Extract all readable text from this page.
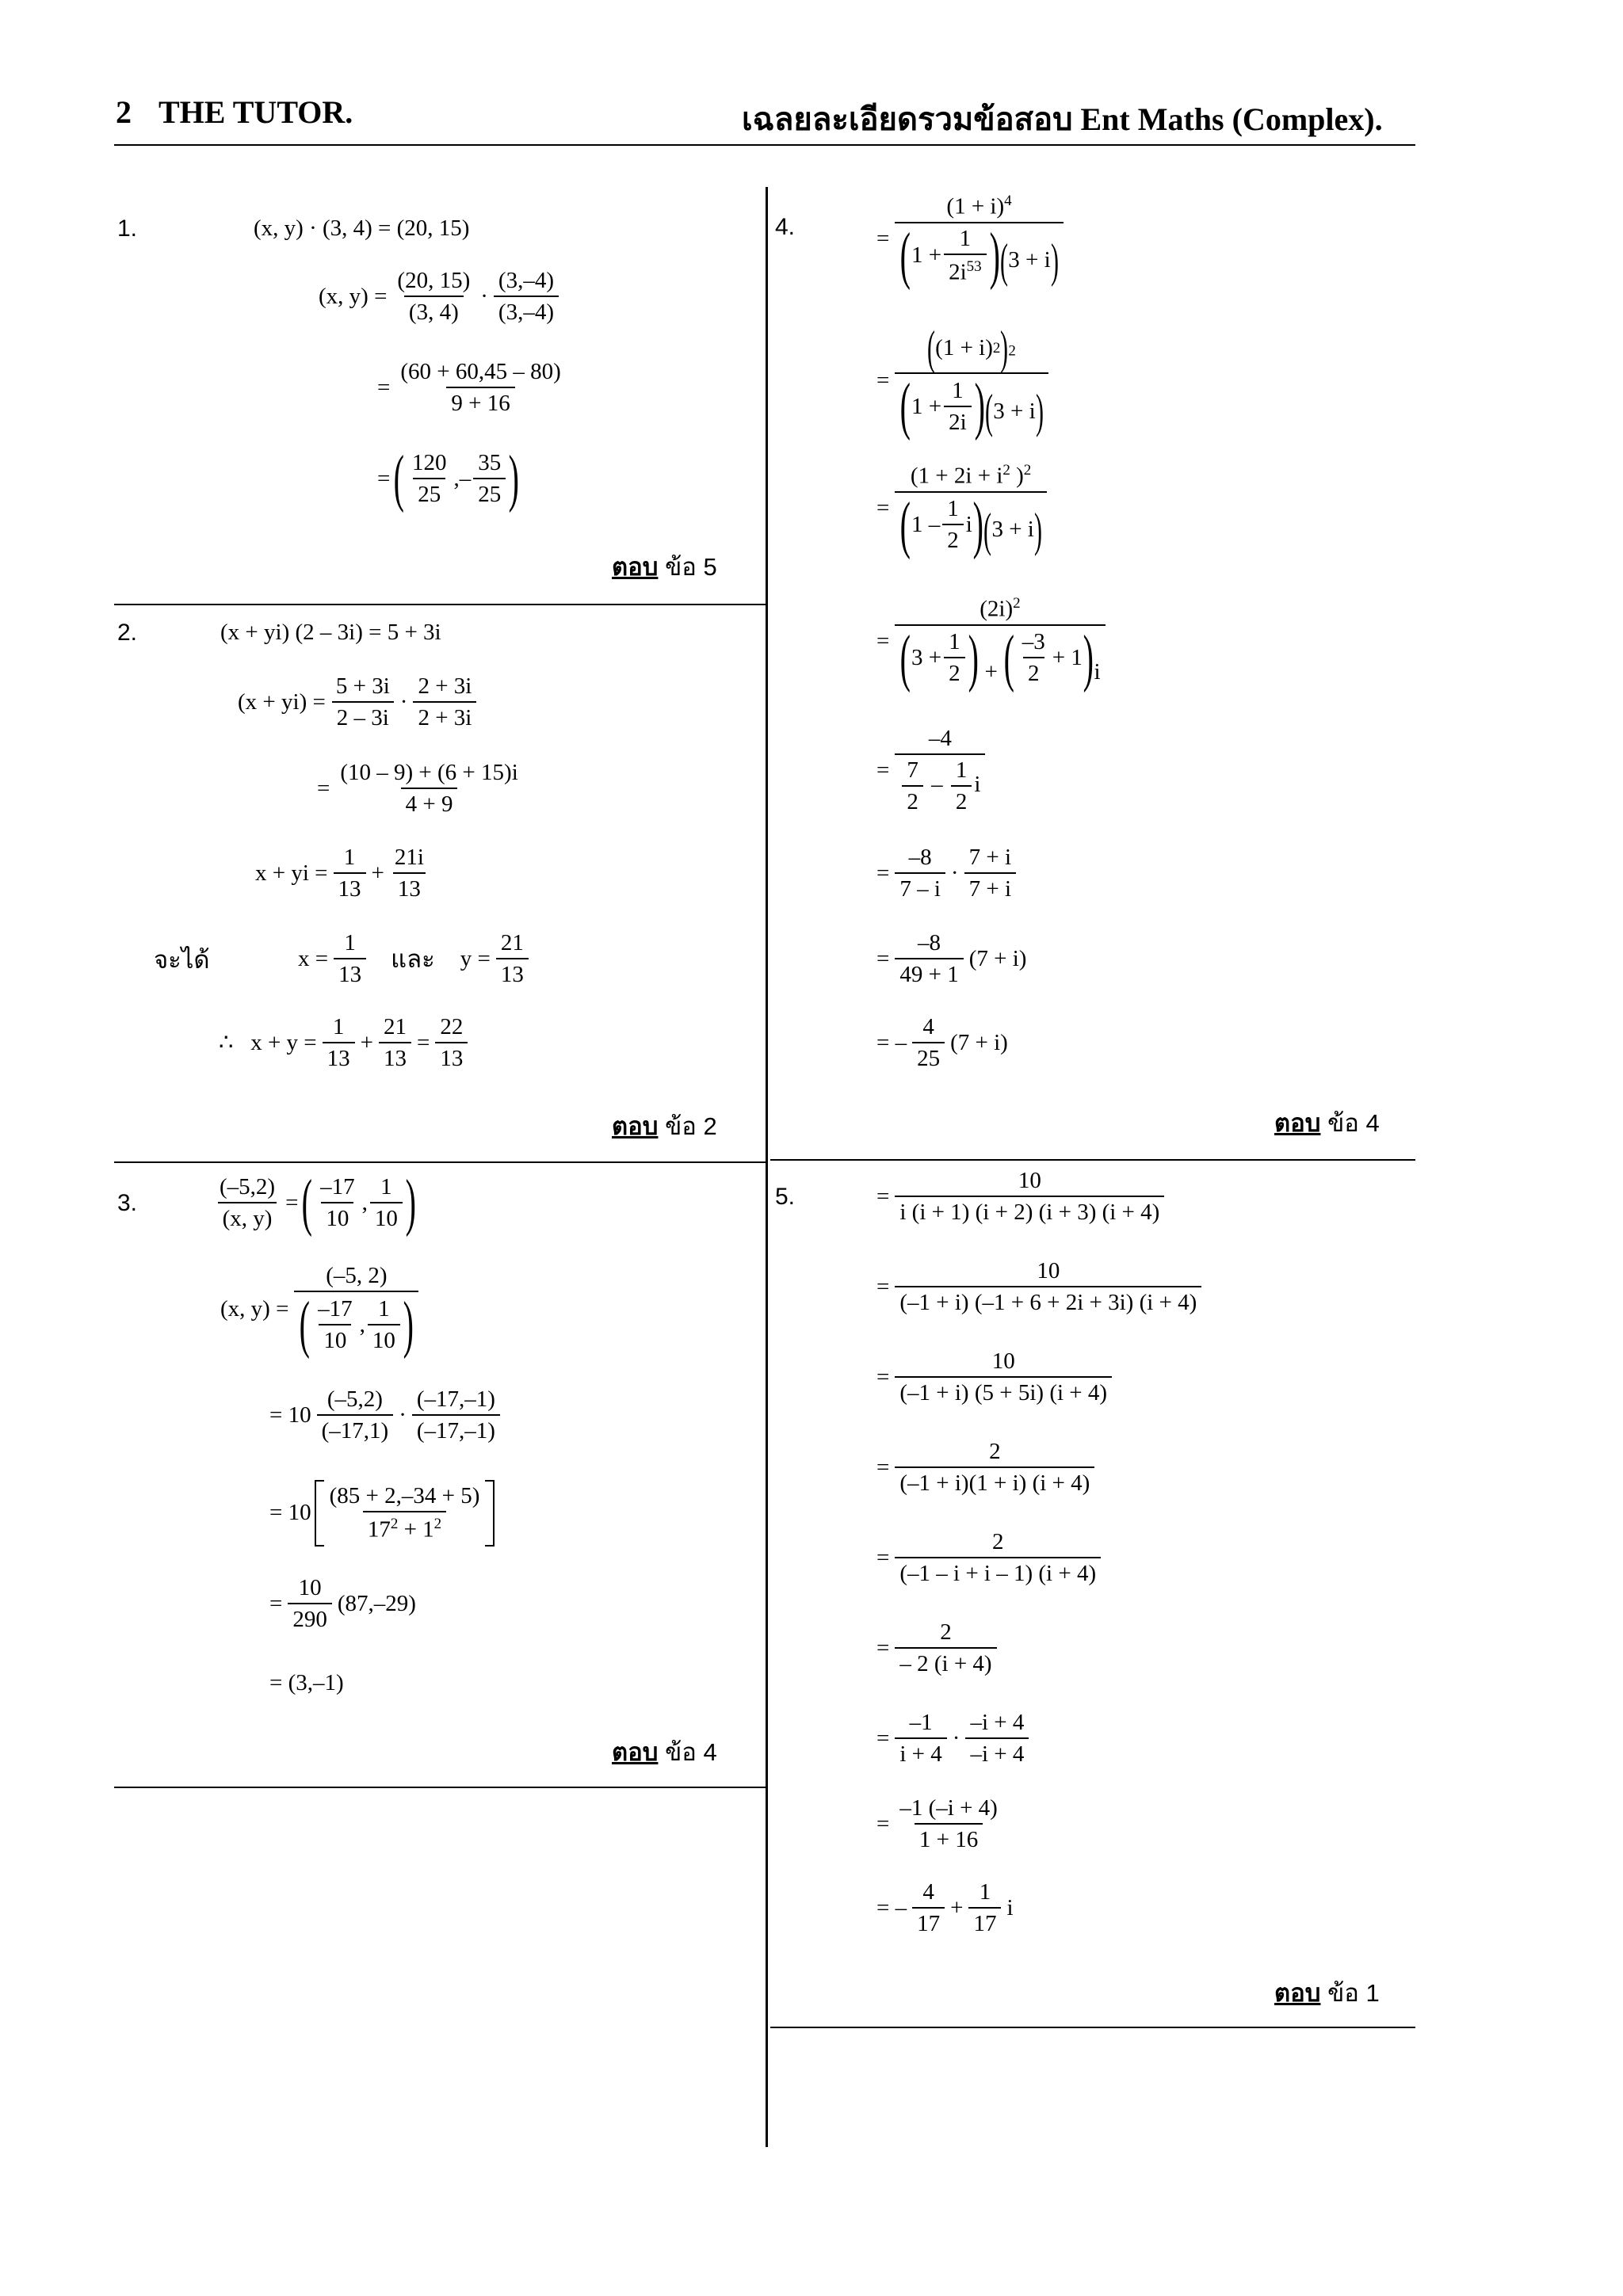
2 THE TUTOR.	เฉลยละเอียดรวมข้อสอบ Ent Maths (Complex).
1.	(x, y) · (3, 4) = (20, 15)
(x, y) =
(20, 15)
(3, 4)
·
(3,–4)
(3,–4)
=
(60 + 60,45 – 80)
9 + 16
= ( 120
25
,–
35
25 )
ตอบ ข้อ 5
2.	(x + yi) (2 – 3i) = 5 + 3i
(x + yi) =
5 + 3i
2 – 3i
·
2 + 3i
2 + 3i
=
(10 – 9) + (6 + 15)i
4 + 9
x + yi =
1
13
+
21i
13
จะได้	x =
1
13
และ y =
21
13
∴   x + y =
1
13
+
21
13
=
22
13
ตอบ ข้อ 2
3.
(–5,2)
(x, y)
= ( –17
10
,
1
10 )
(x, y) =
(–5, 2)
( –17
10
,
1
10 )
= 10
(–5,2)
(–17,1)
·
(–17,–1)
(–17,–1)
= 10
(85 + 2,–34 + 5)
$17^2 + 1^2$
=
10
290
(87,–29)
= (3,–1)
ตอบ ข้อ 4
4.	=
$(1 + i)^4$
( 1 +
1
$2i^{53}$ ) ( 3 + i )
=
( (1 + i) 2 ) $^2$
( 1 +
1
2i ) ( 3 + i )
=
($1 + 2i + i^2$ )$^2$
( 1 –
1
2
i ) ( 3 + i )
=
$(2i)^2$
( 3 +
1
2 ) + ( –3
2
+ 1 ) i
=
–4
$\frac{7}{2} - \frac{1}{2}$ i
=
–8
7 – i
·
7 + i
7 + i
=
–8
49 + 1
(7 + i)
= –
4
25
(7 + i)
ตอบ ข้อ 4
5.	=
10
i (i + 1) (i + 2) (i + 3) (i + 4)
=
10
(–1 + i) (–1 + 6 + 2i + 3i) (i + 4)
=
10
(–1 + i) (5 + 5i) (i + 4)
=
2
(–1 + i)(1 + i) (i + 4)
=
2
(–1 – i + i – 1) (i + 4)
=
2
– 2 (i + 4)
=
–1
i + 4
·
–i + 4
–i + 4
=
–1 (–i + 4)
1 + 16
= –
4
17
+
1
17
i
ตอบ ข้อ 1
